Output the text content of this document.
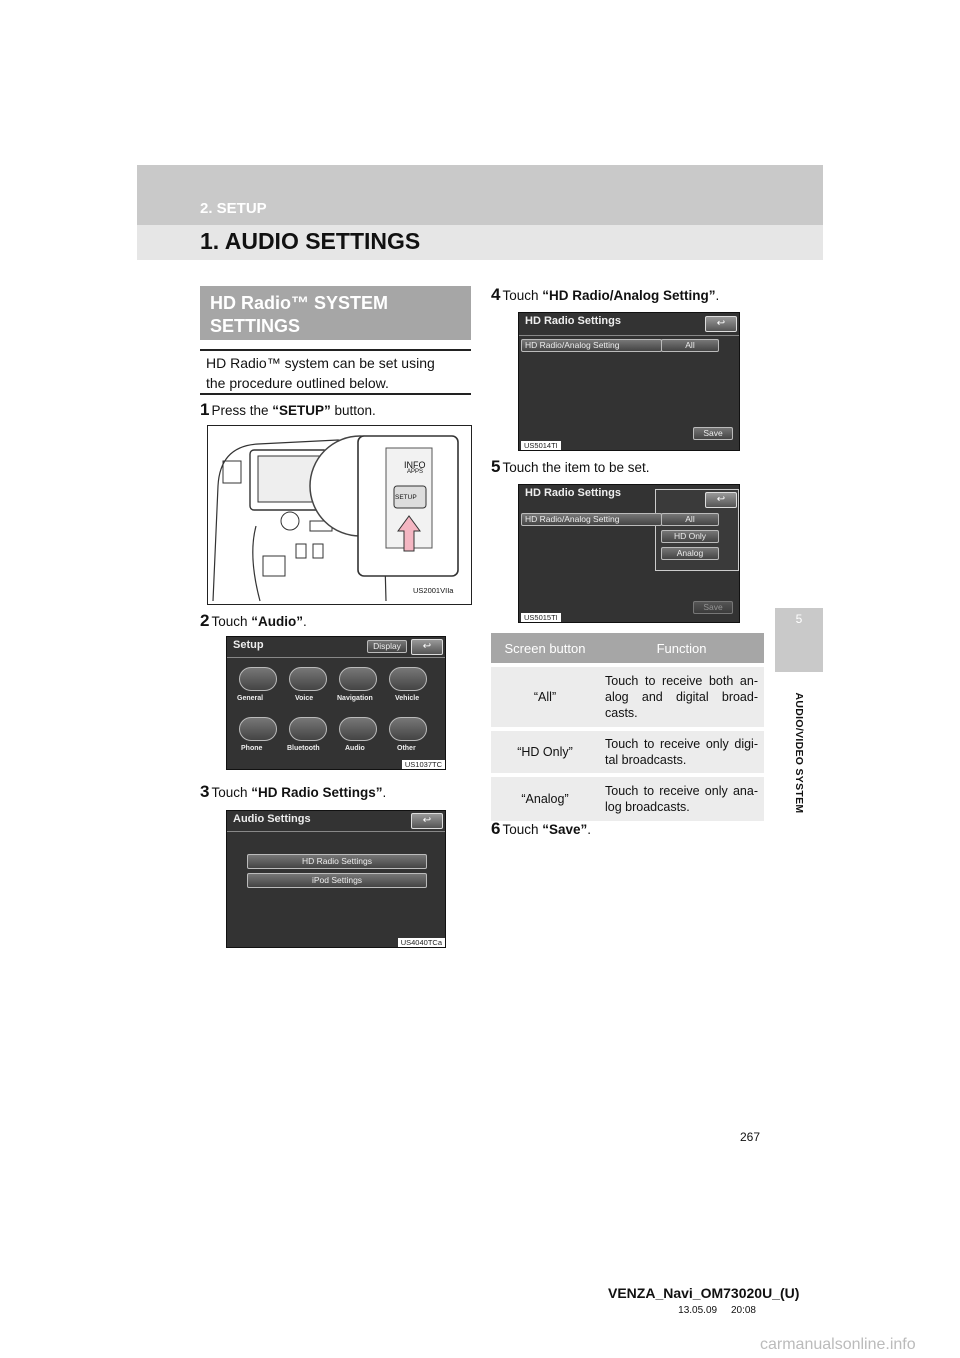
2. SETUP
1. AUDIO SETTINGS
5
AUDIO/VIDEO SYSTEM
HD Radio™ SYSTEM
SETTINGS
HD Radio™ system can be set using
the procedure outlined below.
1 Press the “SETUP” button.
INFO
APPS
SETUP
US2001VIIa
2 Touch “Audio”.
Setup	Display	↩
General	Voice	Navigation	Vehicle
Phone	Bluetooth	Audio	Other
US1037TC
3 Touch “HD Radio Settings”.
Audio Settings	↩
HD Radio Settings
iPod Settings
US4040TCa
4 Touch “HD Radio/Analog Setting”.
HD Radio Settings	↩
HD Radio/Analog Setting	All
Save
US5014TI
5 Touch the item to be set.
HD Radio Settings
↩
HD Radio/Analog Setting	All
HD Only
Analog
Save
US5015TI
Screen button	Function
“All”	Touch to receive both an-alog and digital broad-casts.
“HD Only”	Touch to receive only digi-tal broadcasts.
“Analog”	Touch to receive only ana-log broadcasts.
6 Touch “Save”.
267
VENZA_Navi_OM73020U_(U)
13.05.09     20:08
carmanualsonline.info
